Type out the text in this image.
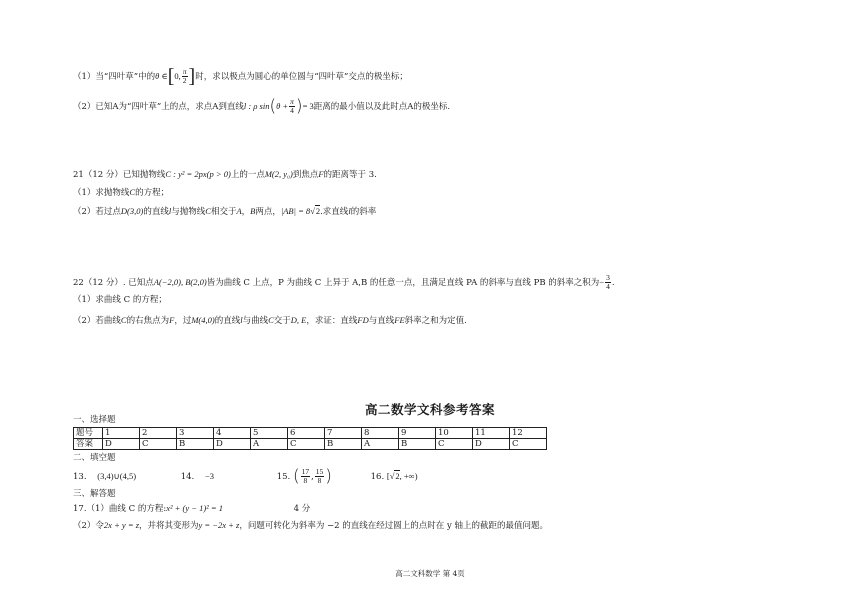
（1）当“四叶草”中的θ ∈[0, $\frac{\pi}{2}$ ]时，求以极点为圆心的单位圆与“四叶草”交点的极坐标；
（2）已知A为“四叶草”上的点，求点A到直线l : ρ $\sin(\theta + \frac{\pi}{4}$ )= 3距离的最小值以及此时点A的极坐标.
21（12 分）已知抛物线C : y² = 2px(p > 0)上的一点M(2, y₀)到焦点F的距离等于 3.
（1）求抛物线C的方程；
（2）若过点D(3,0)的直线l与抛物线C相交于A，B两点，|AB| = 8√2.求直线l的斜率
22（12 分）. 已知点A(−2,0), B(2,0)皆为曲线 C 上点，P 为曲线 C 上异于 A,B 的任意一点，且满足直线 PA 的斜率与直线 PB 的斜率之积为− $\frac{3}{4}$ .
（1）求曲线 C 的方程；
（2）若曲线C的右焦点为F，过M(4,0)的直线l与曲线C交于D, E，求证：直线FD与直线FE斜率之和为定值.
高二数学文科参考答案
一、选择题
题号	1	2	3	4	5	6	7	8	9	10	11	12
答案	D	C	B	D	A	C	B	A	B	C	D	C
二、填空题
13. (3,4)∪(4,5)	14. −3	15. ( $\frac{17}{8}$ , $\frac{15}{8}$ )	16. [√2, +∞)
三、解答题
17.（1）曲线 C 的方程:x² + (y − 1)² = 1	4 分
（2）令2x + y = z，并将其变形为y = −2x + z，问题可转化为斜率为 −2 的直线在经过圆上的点时在 y 轴上的截距的最值问题。
高二文科数学 第 4页
